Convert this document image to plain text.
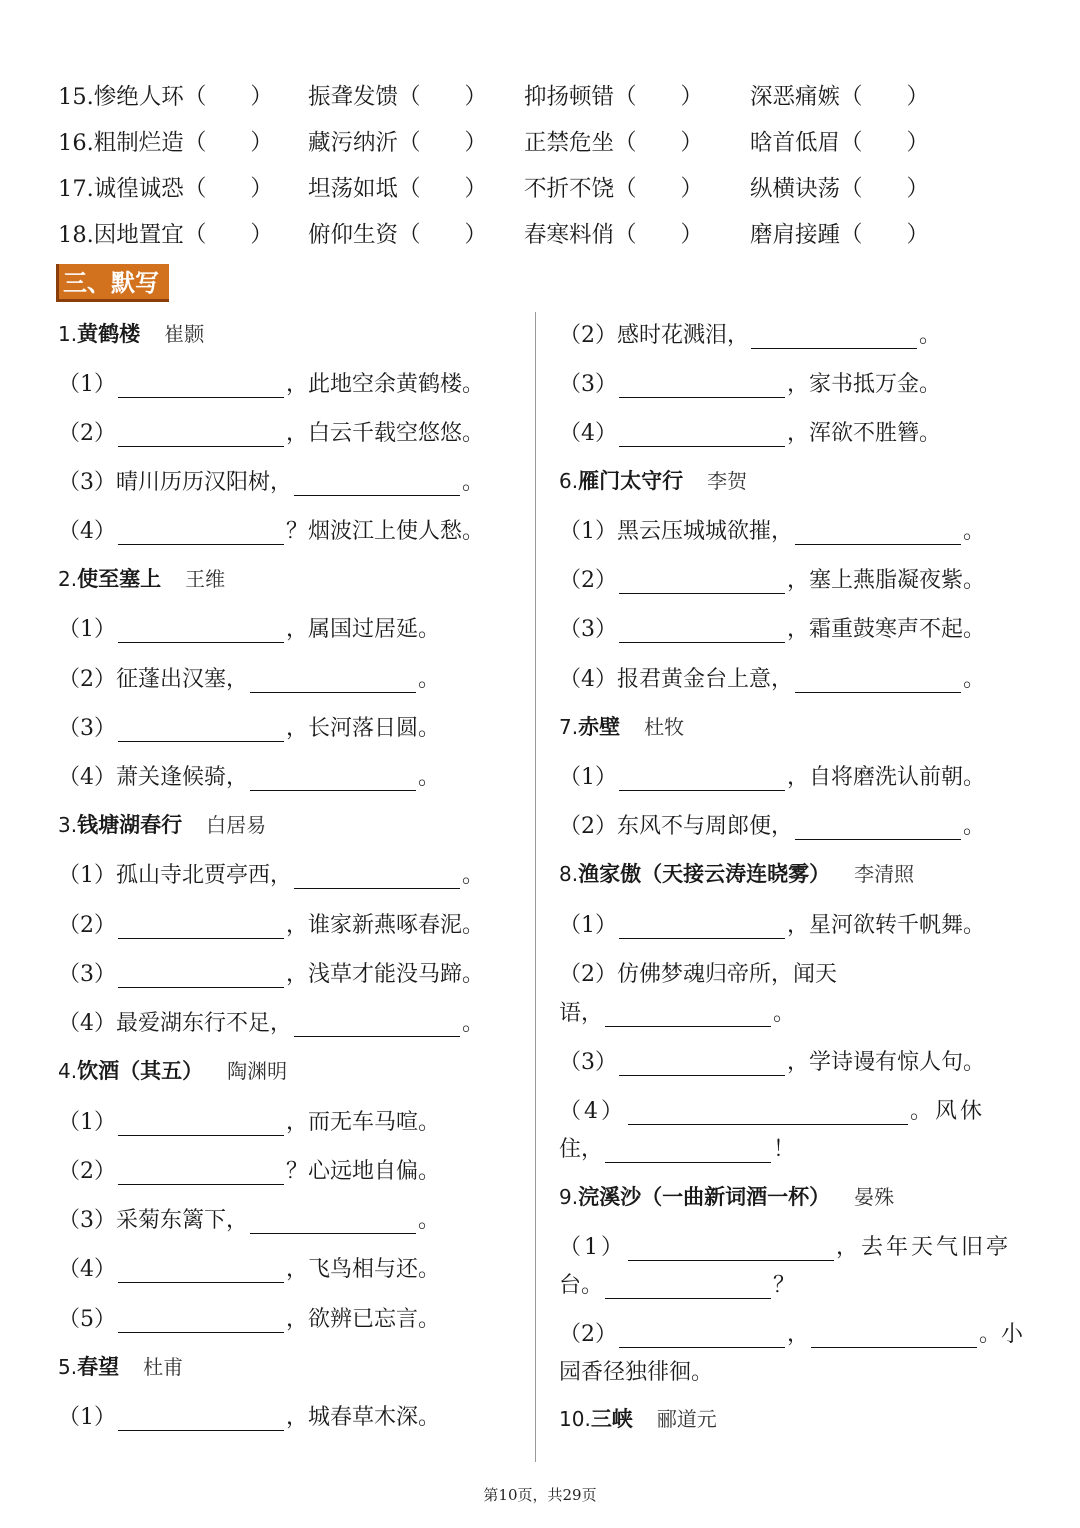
15.惨绝人环（ ） 振聋发馈（ ） 抑扬顿错（ ） 深恶痛嫉（ ）
16.粗制烂造（ ） 藏污纳沂（ ） 正禁危坐（ ） 晗首低眉（ ）
17.诚徨诚恐（ ） 坦荡如坻（ ） 不折不饶（ ） 纵横诀荡（ ）
18.因地置宜（ ） 俯仰生资（ ） 春寒料俏（ ） 磨肩接踵（ ）
三、默写
1.黄鹤楼 崔颢
（1）	，此地空余黄鹤楼。
（2）	，白云千载空悠悠。
（3）晴川历历汉阳树，	。
（4）	？烟波江上使人愁。
2.使至塞上 王维
（1）	，属国过居延。
（2）征蓬出汉塞，	。
（3）	，长河落日圆。
（4）萧关逢候骑，	。
3.钱塘湖春行 白居易
（1）孤山寺北贾亭西，	。
（2）	，谁家新燕啄春泥。
（3）	，浅草才能没马蹄。
（4）最爱湖东行不足，	。
4.饮酒（其五） 陶渊明
（1）	，而无车马喧。
（2）	？心远地自偏。
（3）采菊东篱下，	。
（4）	，飞鸟相与还。
（5）	，欲辨已忘言。
5.春望 杜甫
（1）	，城春草木深。
（2）感时花溅泪，	。
（3）	，家书抵万金。
（4）	，浑欲不胜簪。
6.雁门太守行 李贺
（1）黑云压城城欲摧，	。
（2）	，塞上燕脂凝夜紫。
（3）	，霜重鼓寒声不起。
（4）报君黄金台上意，	。
7.赤壁 杜牧
（1）	，自将磨洗认前朝。
（2）东风不与周郎便，	。
8.渔家傲（天接云涛连晓雾） 李清照
（1）	，星河欲转千帆舞。
（2）仿佛梦魂归帝所，闻天
语，	。
（3）	，学诗谩有惊人句。
（4）	。风休
住，	！
9.浣溪沙（一曲新词酒一杯） 晏殊
（1）	，去年天气旧亭
台。	？
（2）	，	。小
园香径独徘徊。
10.三峡 郦道元
第10页，共29页
